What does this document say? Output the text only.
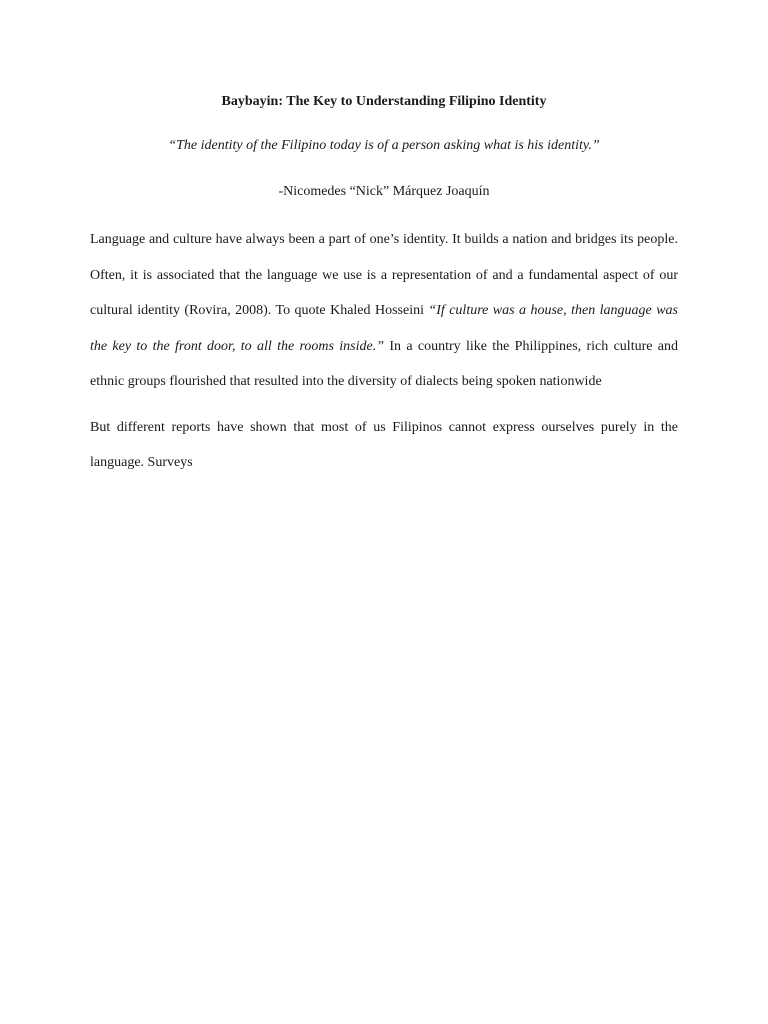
Baybayin: The Key to Understanding Filipino Identity

“The identity of the Filipino today is of a person asking what is his identity.”

-Nicomedes “Nick” Márquez Joaquín

Language and culture have always been a part of one’s identity. It builds a nation and bridges its people. Often, it is associated that the language we use is a representation of and a fundamental aspect of our cultural identity (Rovira, 2008). To quote Khaled Hosseini “If culture was a house, then language was the key to the front door, to all the rooms inside.” In a country like the Philippines, rich culture and ethnic groups flourished that resulted into the diversity of dialects being spoken nationwide

But different reports have shown that most of us Filipinos cannot express ourselves purely in the language. Surveys
